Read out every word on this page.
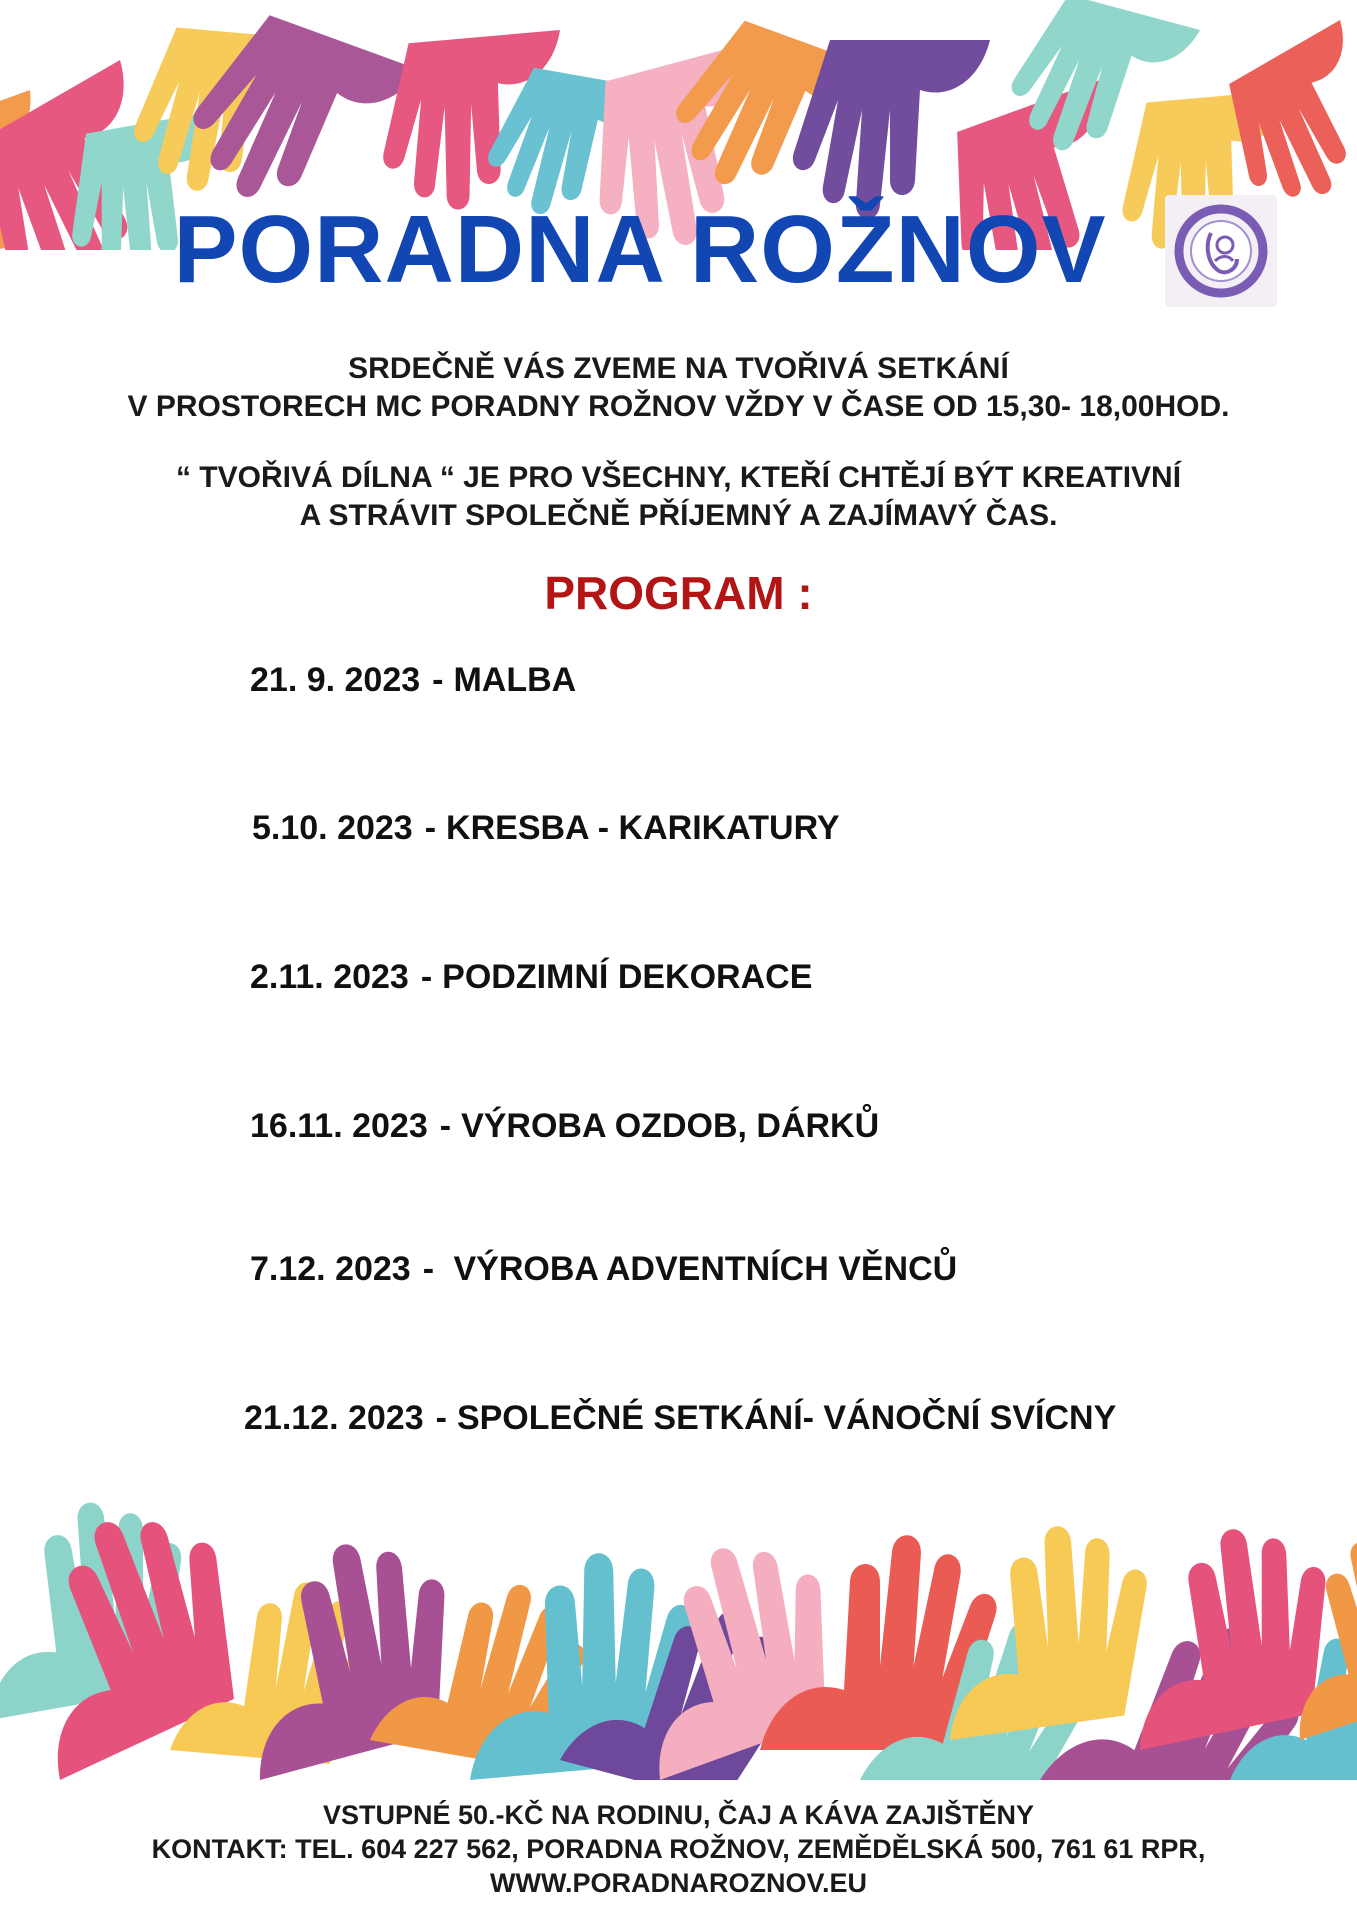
PORADNA ROŽNOV
SRDEČNĚ VÁS ZVEME NA TVOŘIVÁ SETKÁNÍ
V PROSTORECH MC PORADNY ROŽNOV VŽDY V ČASE OD 15,30- 18,00HOD.
“ TVOŘIVÁ DÍLNA “ JE PRO VŠECHNY, KTEŘÍ CHTĚJÍ BÝT KREATIVNÍ
A STRÁVIT SPOLEČNĚ PŘÍJEMNÝ A ZAJÍMAVÝ ČAS.
PROGRAM :
21. 9. 2023 - MALBA
5.10. 2023 - KRESBA - KARIKATURY
2.11. 2023 - PODZIMNÍ DEKORACE
16.11. 2023 - VÝROBA OZDOB, DÁRKŮ
7.12. 2023 - VÝROBA ADVENTNÍCH VĚNCŮ
21.12. 2023 - SPOLEČNÉ SETKÁNÍ- VÁNOČNÍ SVÍCNY
VSTUPNÉ 50.-KČ NA RODINU, ČAJ A KÁVA ZAJIŠTĚNY
KONTAKT: TEL. 604 227 562, PORADNA ROŽNOV, ZEMĚDĚLSKÁ 500, 761 61 RPR,
WWW.PORADNAROZNOV.EU
